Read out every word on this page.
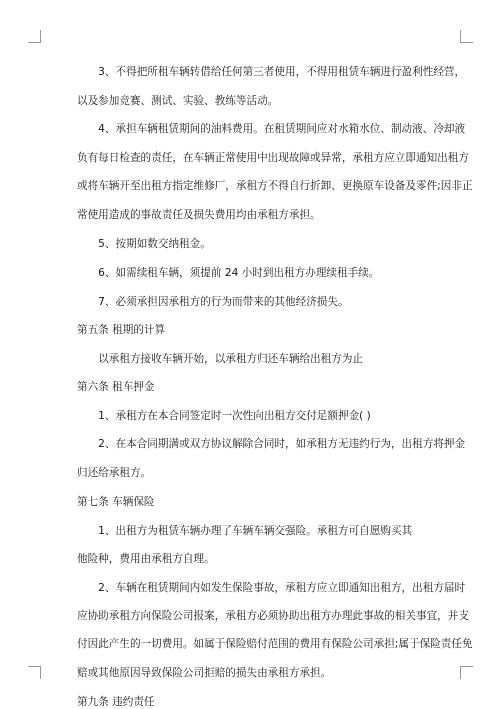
　　3、不得把所租车辆转借给任何第三者使用，不得用租赁车辆进行盈利性经营，
以及参加竞赛、测试、实验、教练等活动。
　　4、承担车辆租赁期间的油料费用。在租赁期间应对水箱水位、制动液、冷却液
负有每日检查的责任，在车辆正常使用中出现故障或异常，承租方应立即通知出租方
或将车辆开至出租方指定维修厂，承租方不得自行折卸、更换原车设备及零件;因非正
常使用造成的事故责任及损失费用均由承租方承担。
　　5、按期如数交纳租金。
　　6、如需续租车辆，须提前 24 小时到出租方办理续租手续。
　　7、必须承担因承租方的行为而带来的其他经济损失。
第五条 租期的计算
　　以承租方接收车辆开始，以承租方归还车辆给出租方为止
第六条 租车押金
　　1、承租方在本合同签定时一次性向出租方交付足额押金( )
　　2、在本合同期满或双方协议解除合同时，如承租方无违约行为，出租方将押金
归还给承租方。
第七条 车辆保险
　　1、出租方为租赁车辆办理了车辆车辆交强险。承租方可自愿购买其
他险种，费用由承租方自理。
　　2、车辆在租赁期间内如发生保险事故，承租方应立即通知出租方，出租方届时
应协助承租方向保险公司报案，承租方必须协助出租方办理此事故的相关事宜，并支
付因此产生的一切费用。如属于保险赔付范围的费用有保险公司承担;属于保险责任免
赔或其他原因导致保险公司拒赔的损失由承租方承担。
第九条 违约责任
